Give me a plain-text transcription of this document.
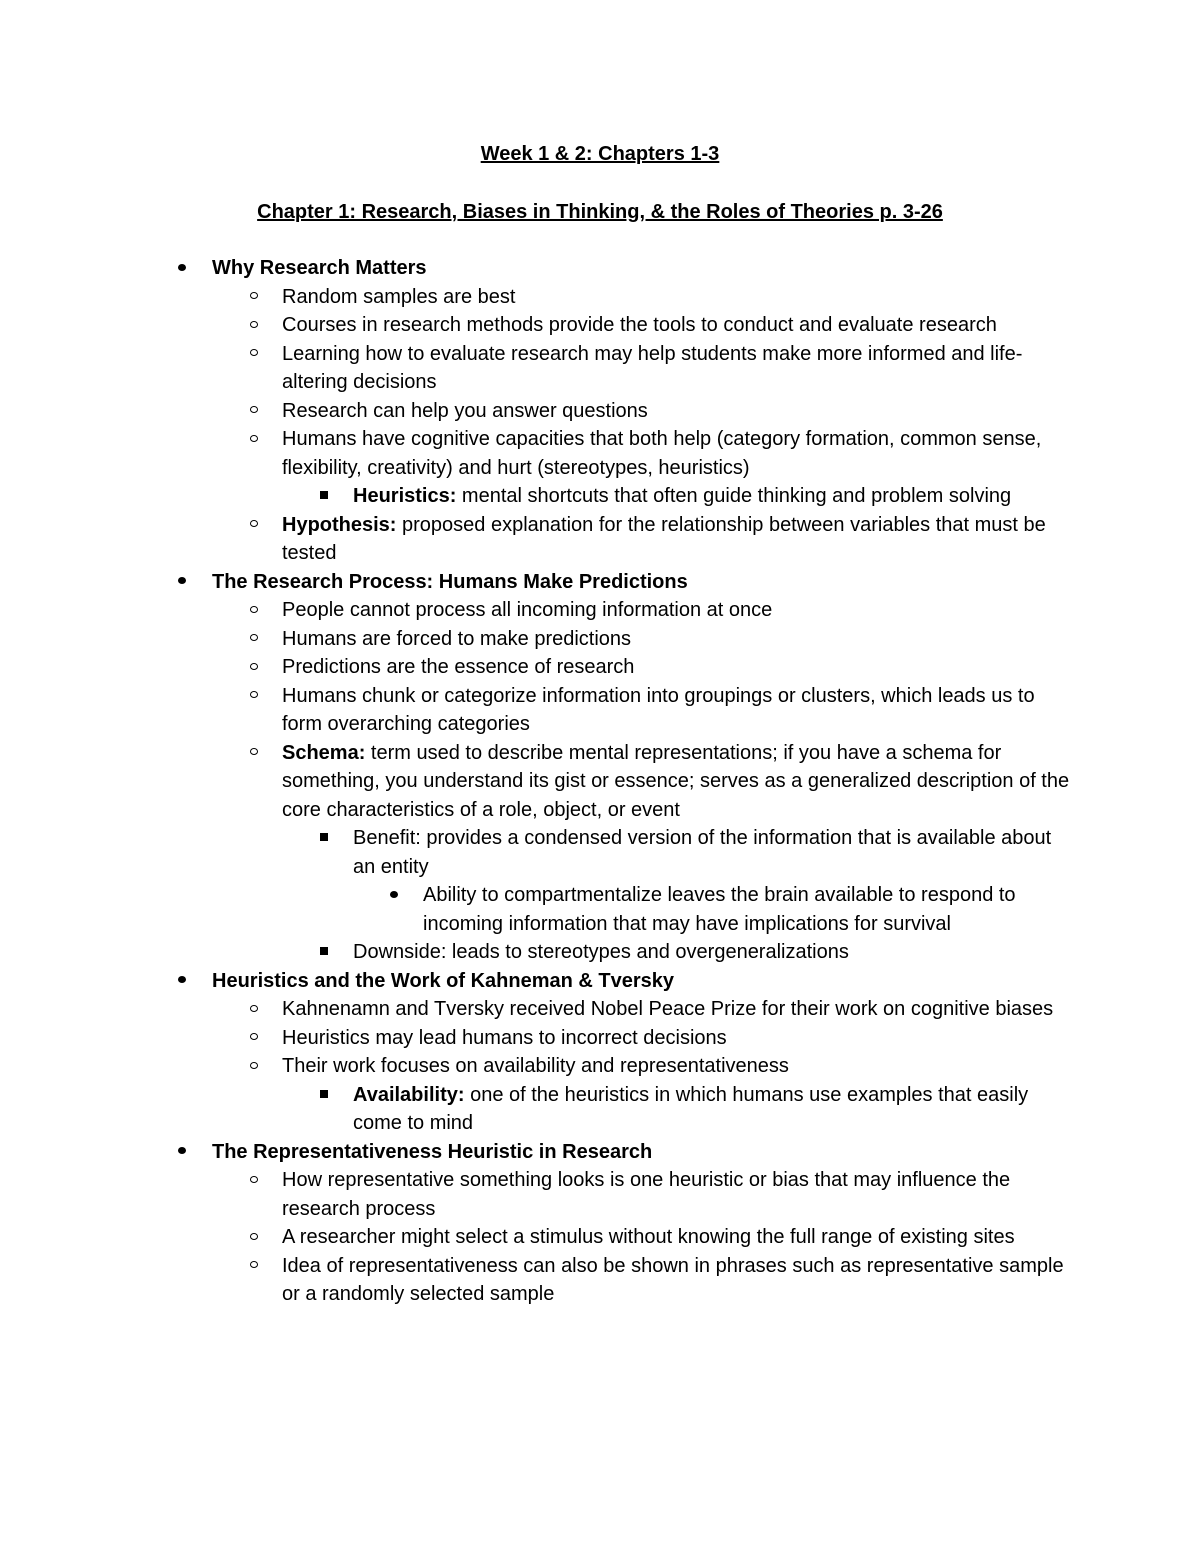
Week 1 & 2: Chapters 1-3
Chapter 1: Research, Biases in Thinking, & the Roles of Theories p. 3-26
Why Research Matters
Random samples are best
Courses in research methods provide the tools to conduct and evaluate research
Learning how to evaluate research may help students make more informed and life-altering decisions
Research can help you answer questions
Humans have cognitive capacities that both help (category formation, common sense, flexibility, creativity) and hurt (stereotypes, heuristics)
Heuristics: mental shortcuts that often guide thinking and problem solving
Hypothesis: proposed explanation for the relationship between variables that must be tested
The Research Process: Humans Make Predictions
People cannot process all incoming information at once
Humans are forced to make predictions
Predictions are the essence of research
Humans chunk or categorize information into groupings or clusters, which leads us to form overarching categories
Schema: term used to describe mental representations; if you have a schema for something, you understand its gist or essence; serves as a generalized description of the core characteristics of a role, object, or event
Benefit: provides a condensed version of the information that is available about an entity
Ability to compartmentalize leaves the brain available to respond to incoming information that may have implications for survival
Downside: leads to stereotypes and overgeneralizations
Heuristics and the Work of Kahneman & Tversky
Kahnenamn and Tversky received Nobel Peace Prize for their work on cognitive biases
Heuristics may lead humans to incorrect decisions
Their work focuses on availability and representativeness
Availability: one of the heuristics in which humans use examples that easily come to mind
The Representativeness Heuristic in Research
How representative something looks is one heuristic or bias that may influence the research process
A researcher might select a stimulus without knowing the full range of existing sites
Idea of representativeness can also be shown in phrases such as representative sample or a randomly selected sample
